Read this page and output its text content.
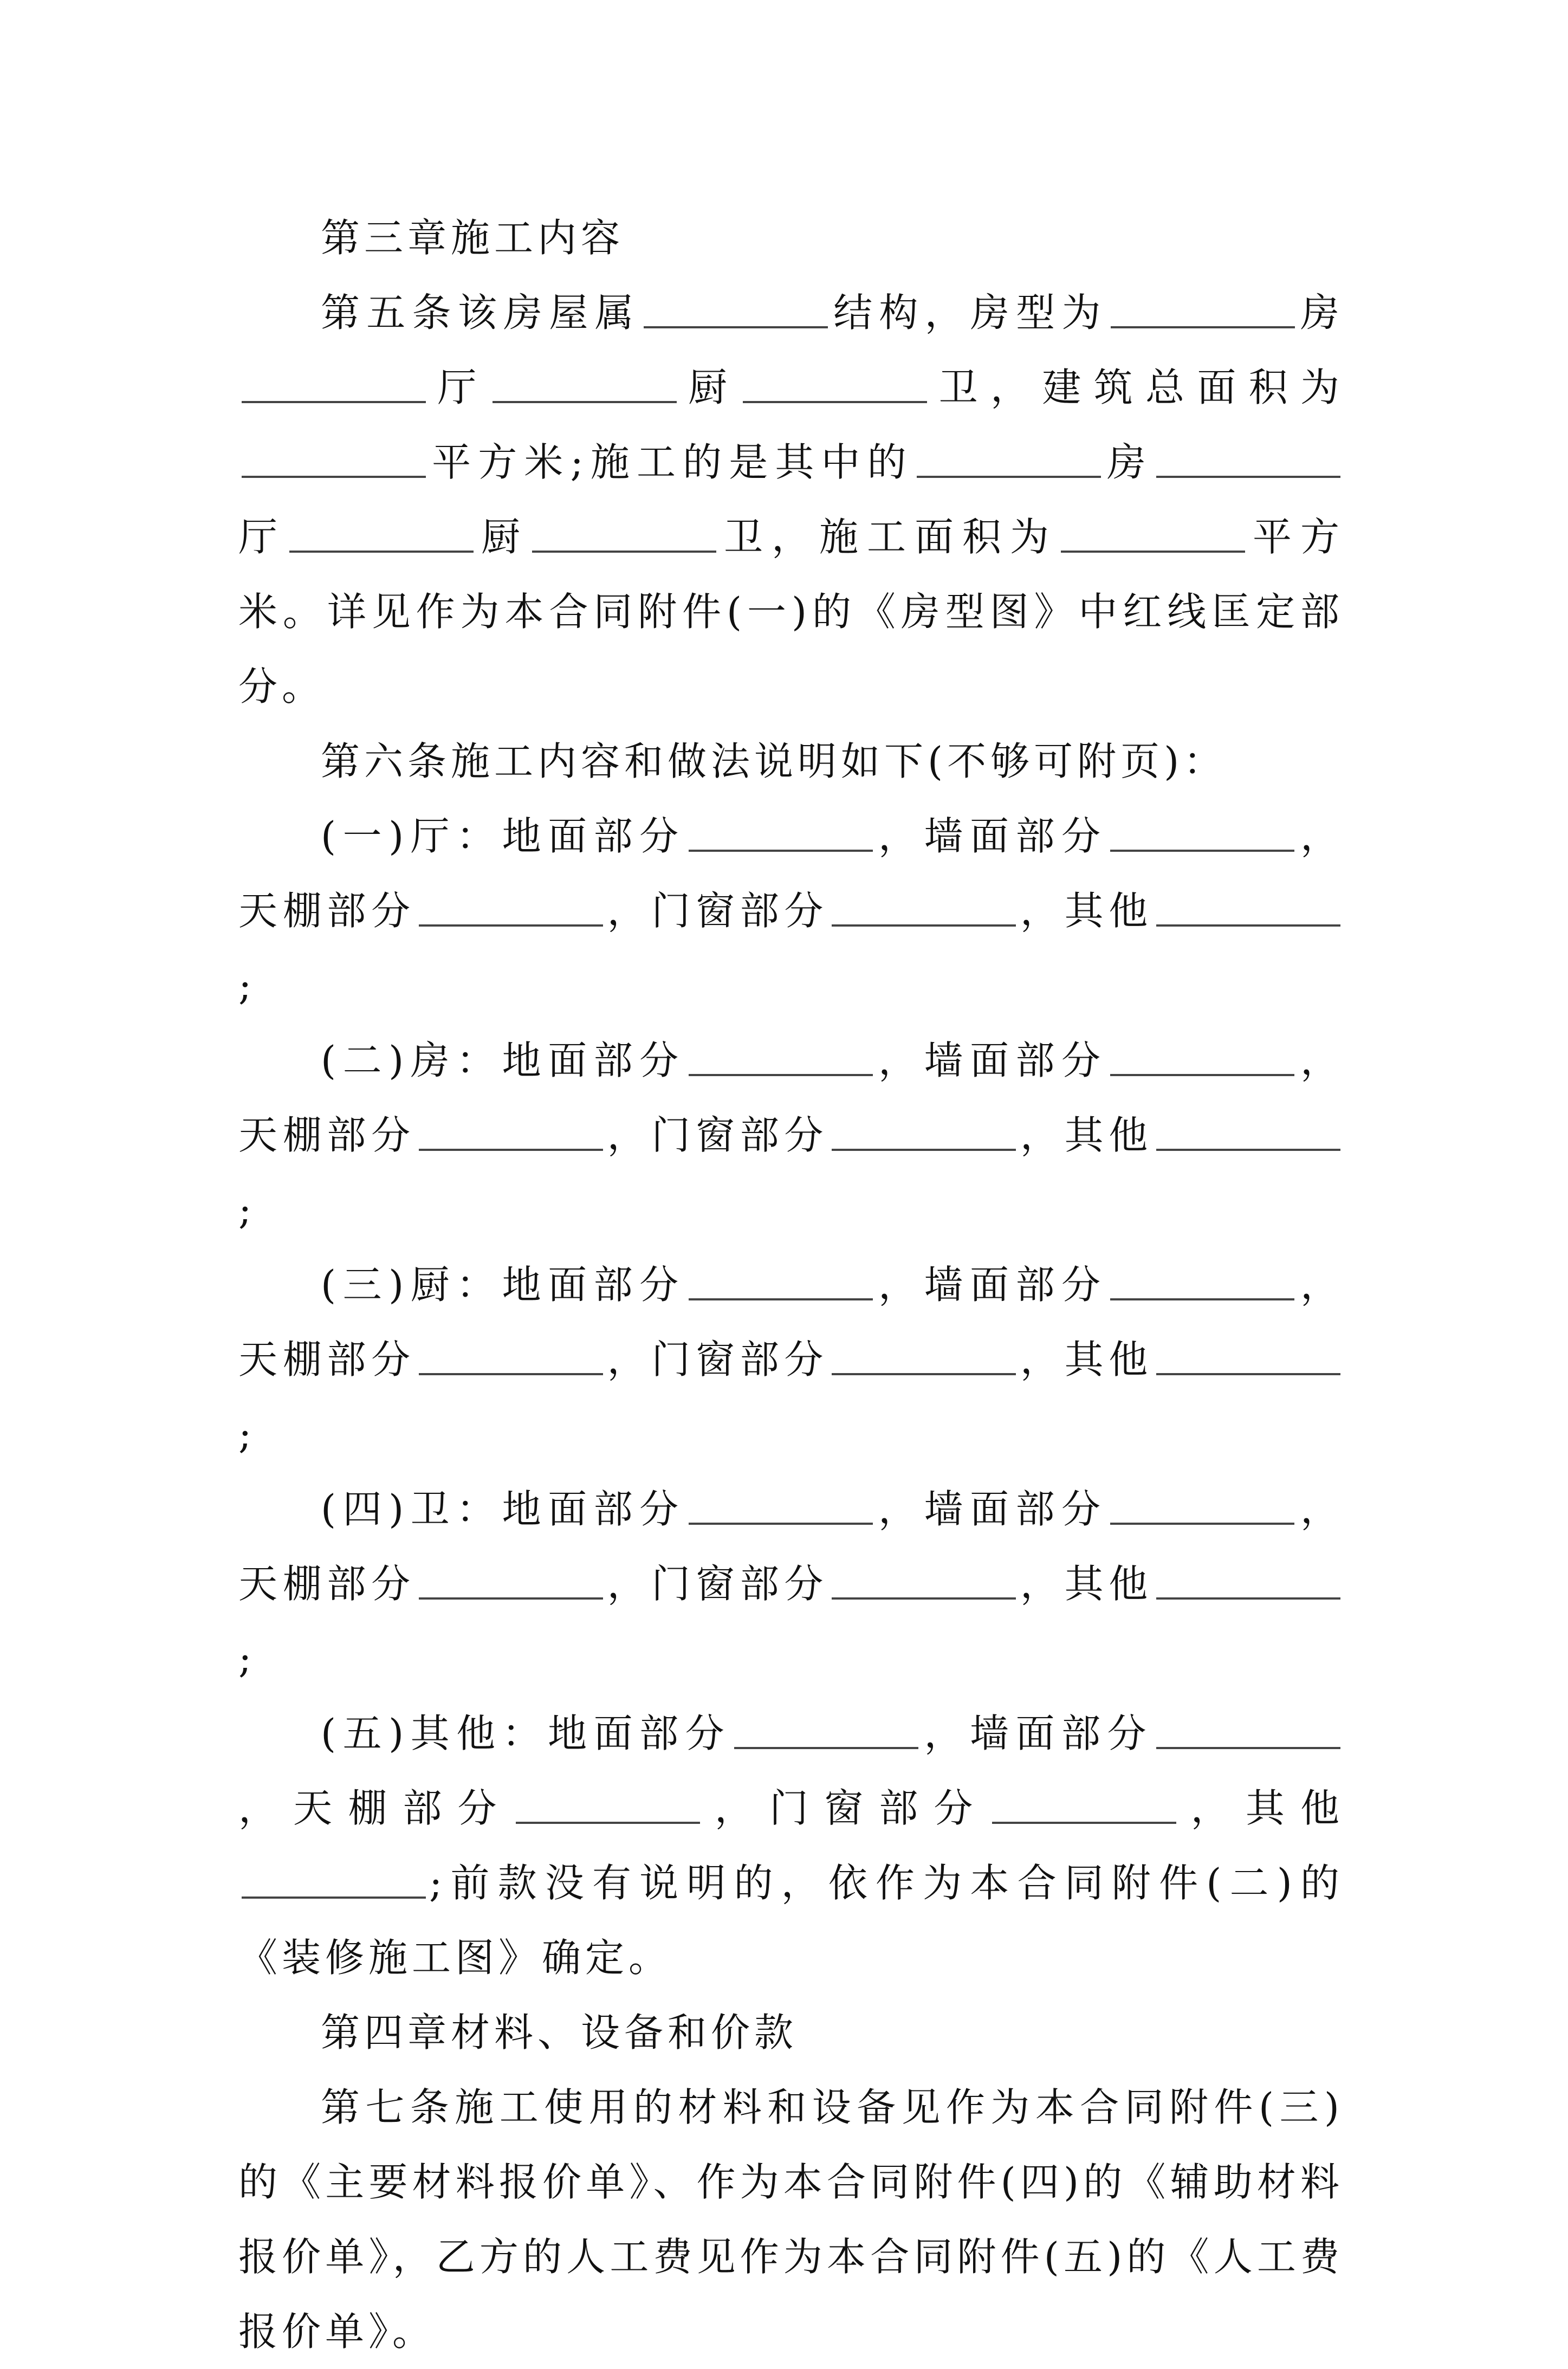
第三章施工内容

第五条该房屋属	结构，房型为	房厅	厨	卫，建筑总面积为平方米;施工的是其中的	房厅	厨	卫，施工面积为	平方米。详见作为本合同附件(一)的《房型图》中红线匡定部分。

第六条施工内容和做法说明如下(不够可附页)：

(一)厅：地面部分	，墙面部分	，天棚部分	，门窗部分	，其他;

(二)房：地面部分	，墙面部分	，天棚部分	，门窗部分	，其他;

(三)厨：地面部分	，墙面部分	，天棚部分	，门窗部分	，其他;

(四)卫：地面部分	，墙面部分	，天棚部分	，门窗部分	，其他;

(五)其他：地面部分	，墙面部分，天棚部分	，门窗部分	，其他;前款没有说明的，依作为本合同附件(二)的《装修施工图》确定。

第四章材料、设备和价款

第七条施工使用的材料和设备见作为本合同附件(三)的《主要材料报价单》、作为本合同附件(四)的《辅助材料报价单》，乙方的人工费见作为本合同附件(五)的《人工费报价单》。
